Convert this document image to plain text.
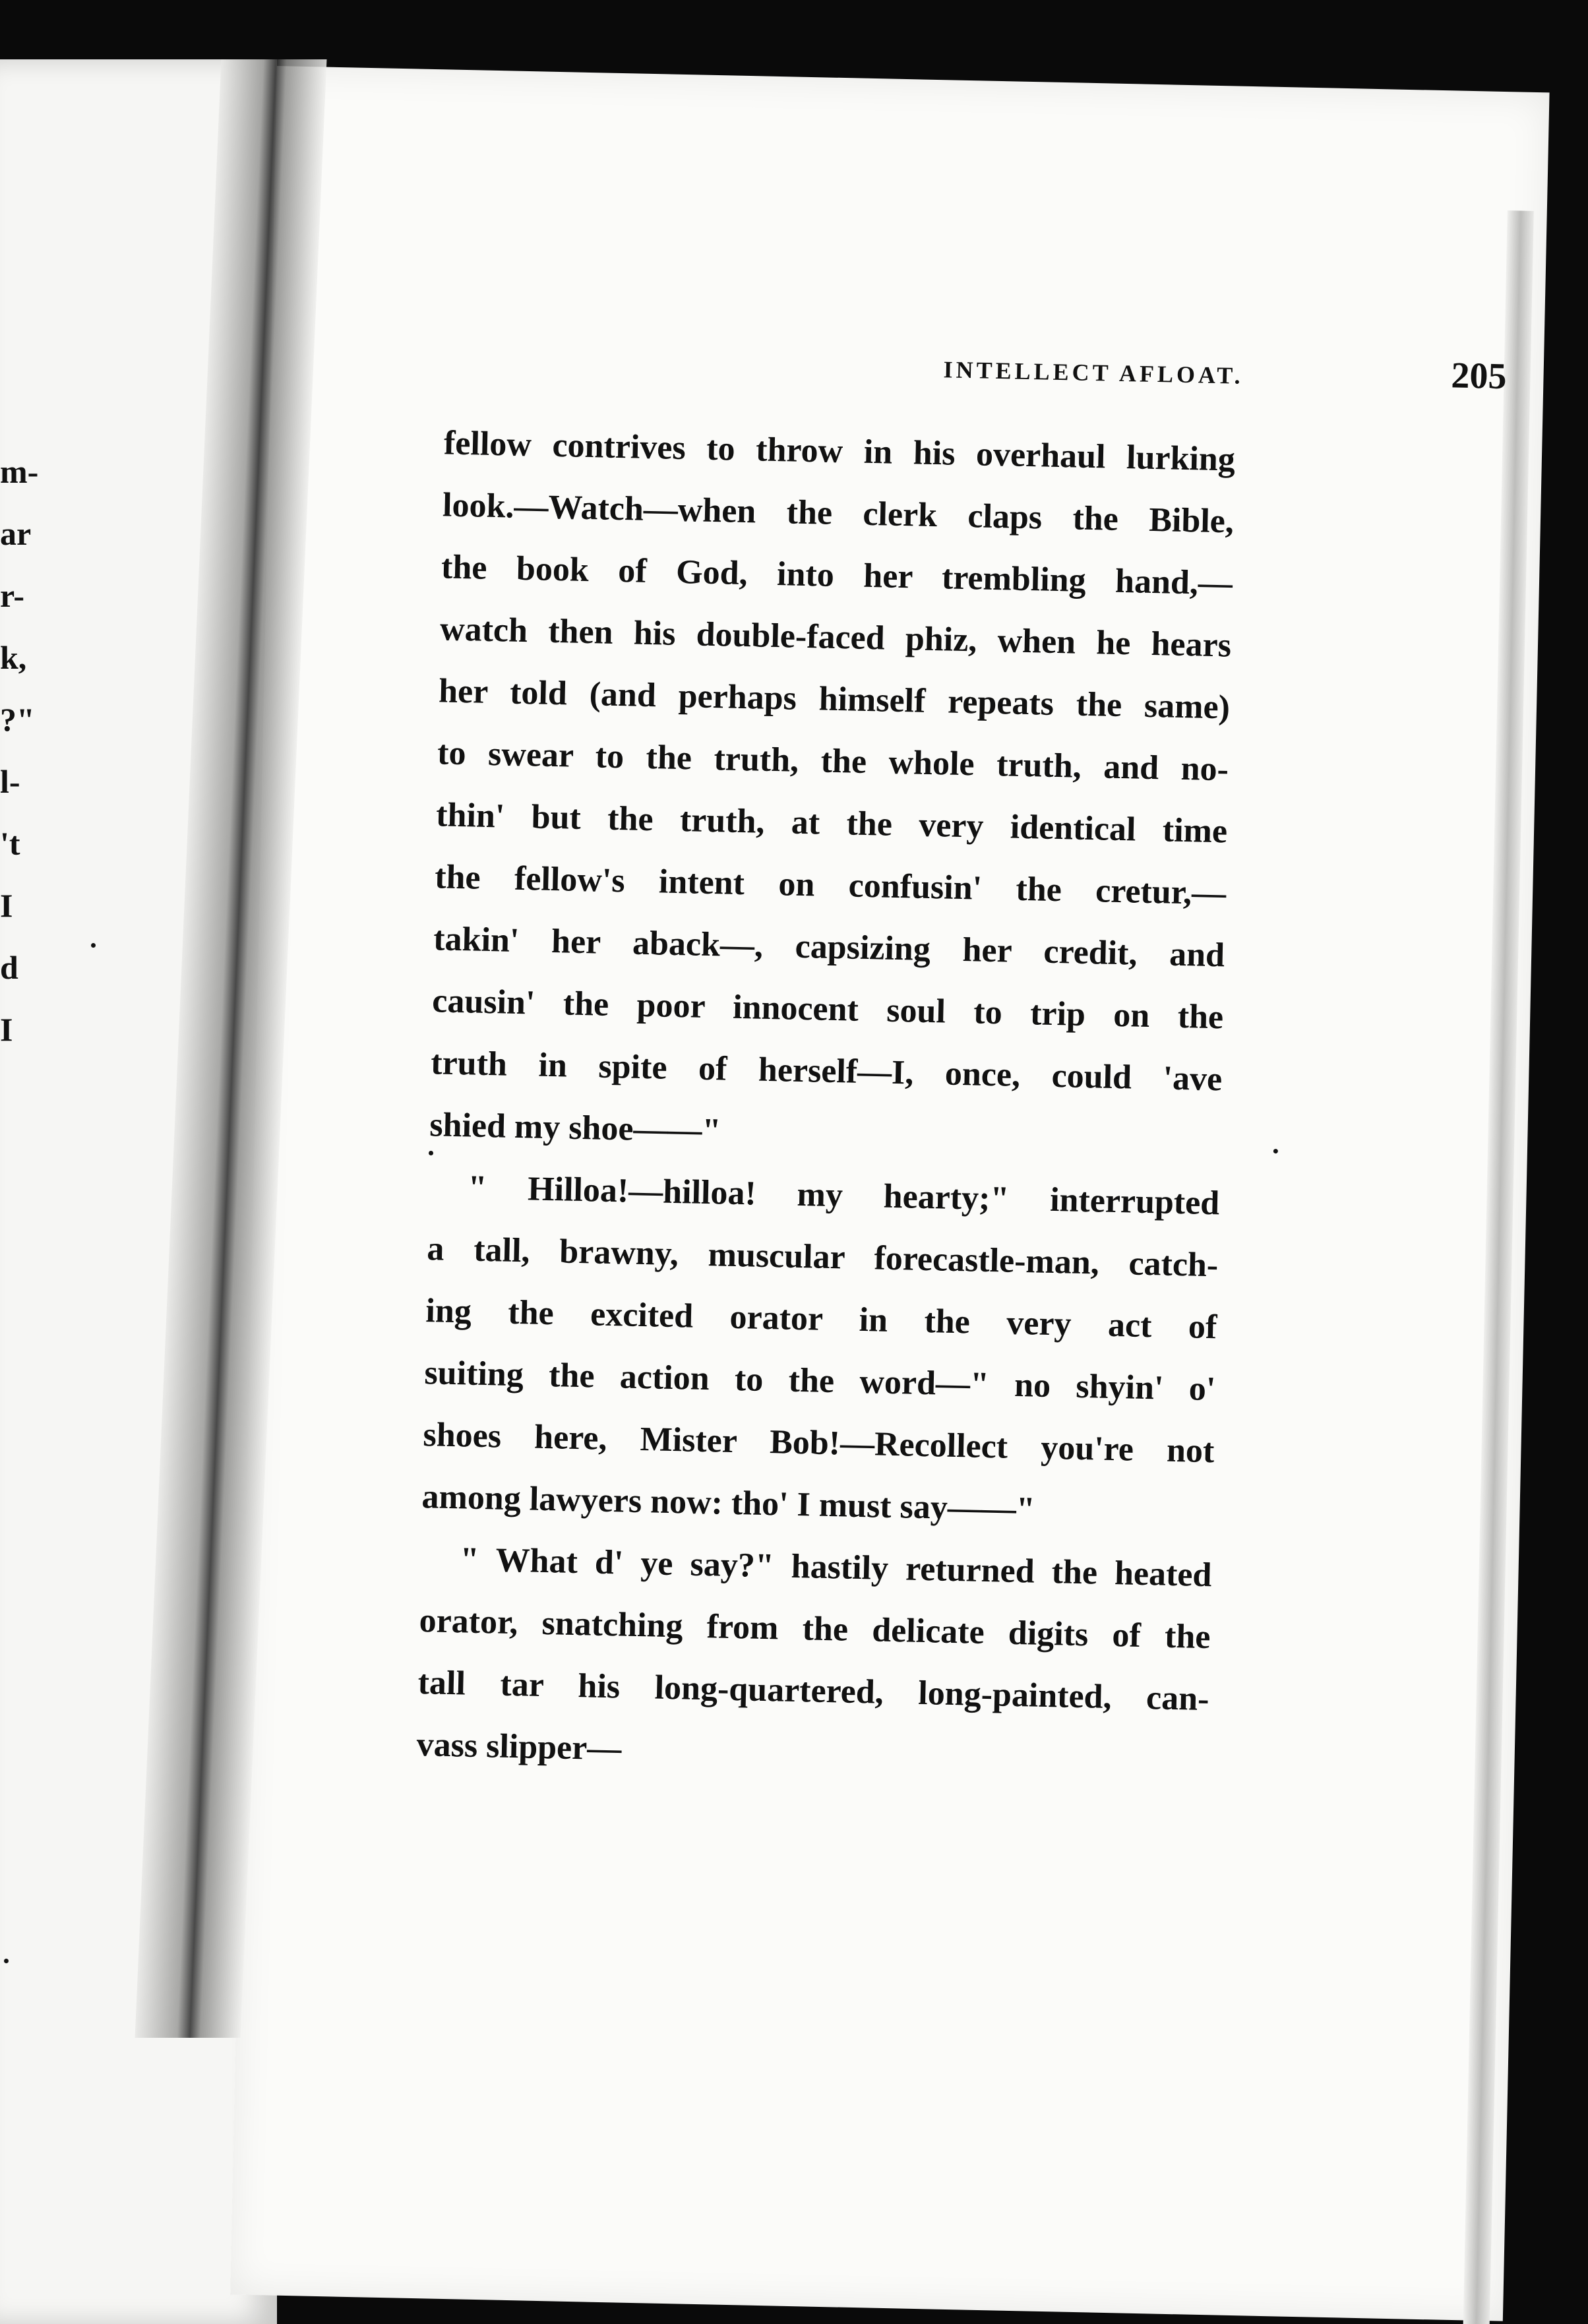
m-
ar
r-
k,
?"
l-
't
I
d
I
INTELLECT AFLOAT.	205
fellow contrives to throw in his overhaul lurking
look.—Watch—when the clerk claps the Bible,
the book of God, into her trembling hand,—
watch then his double-faced phiz, when he hears
her told (and perhaps himself repeats the same)
to swear to the truth, the whole truth, and no-
thin' but the truth, at the very identical time
the fellow's intent on confusin' the cretur,—
takin' her aback—, capsizing her credit, and
causin' the poor innocent soul to trip on the
truth in spite of herself—I, once, could 'ave
shied my shoe——"
" Hilloa!—hilloa! my hearty;" interrupted
a tall, brawny, muscular forecastle-man, catch-
ing the excited orator in the very act of
suiting the action to the word—" no shyin' o'
shoes here, Mister Bob!—Recollect you're not
among lawyers now: tho' I must say——"
" What d' ye say?" hastily returned the heated
orator, snatching from the delicate digits of the
tall tar his long-quartered, long-painted, can-
vass slipper—
